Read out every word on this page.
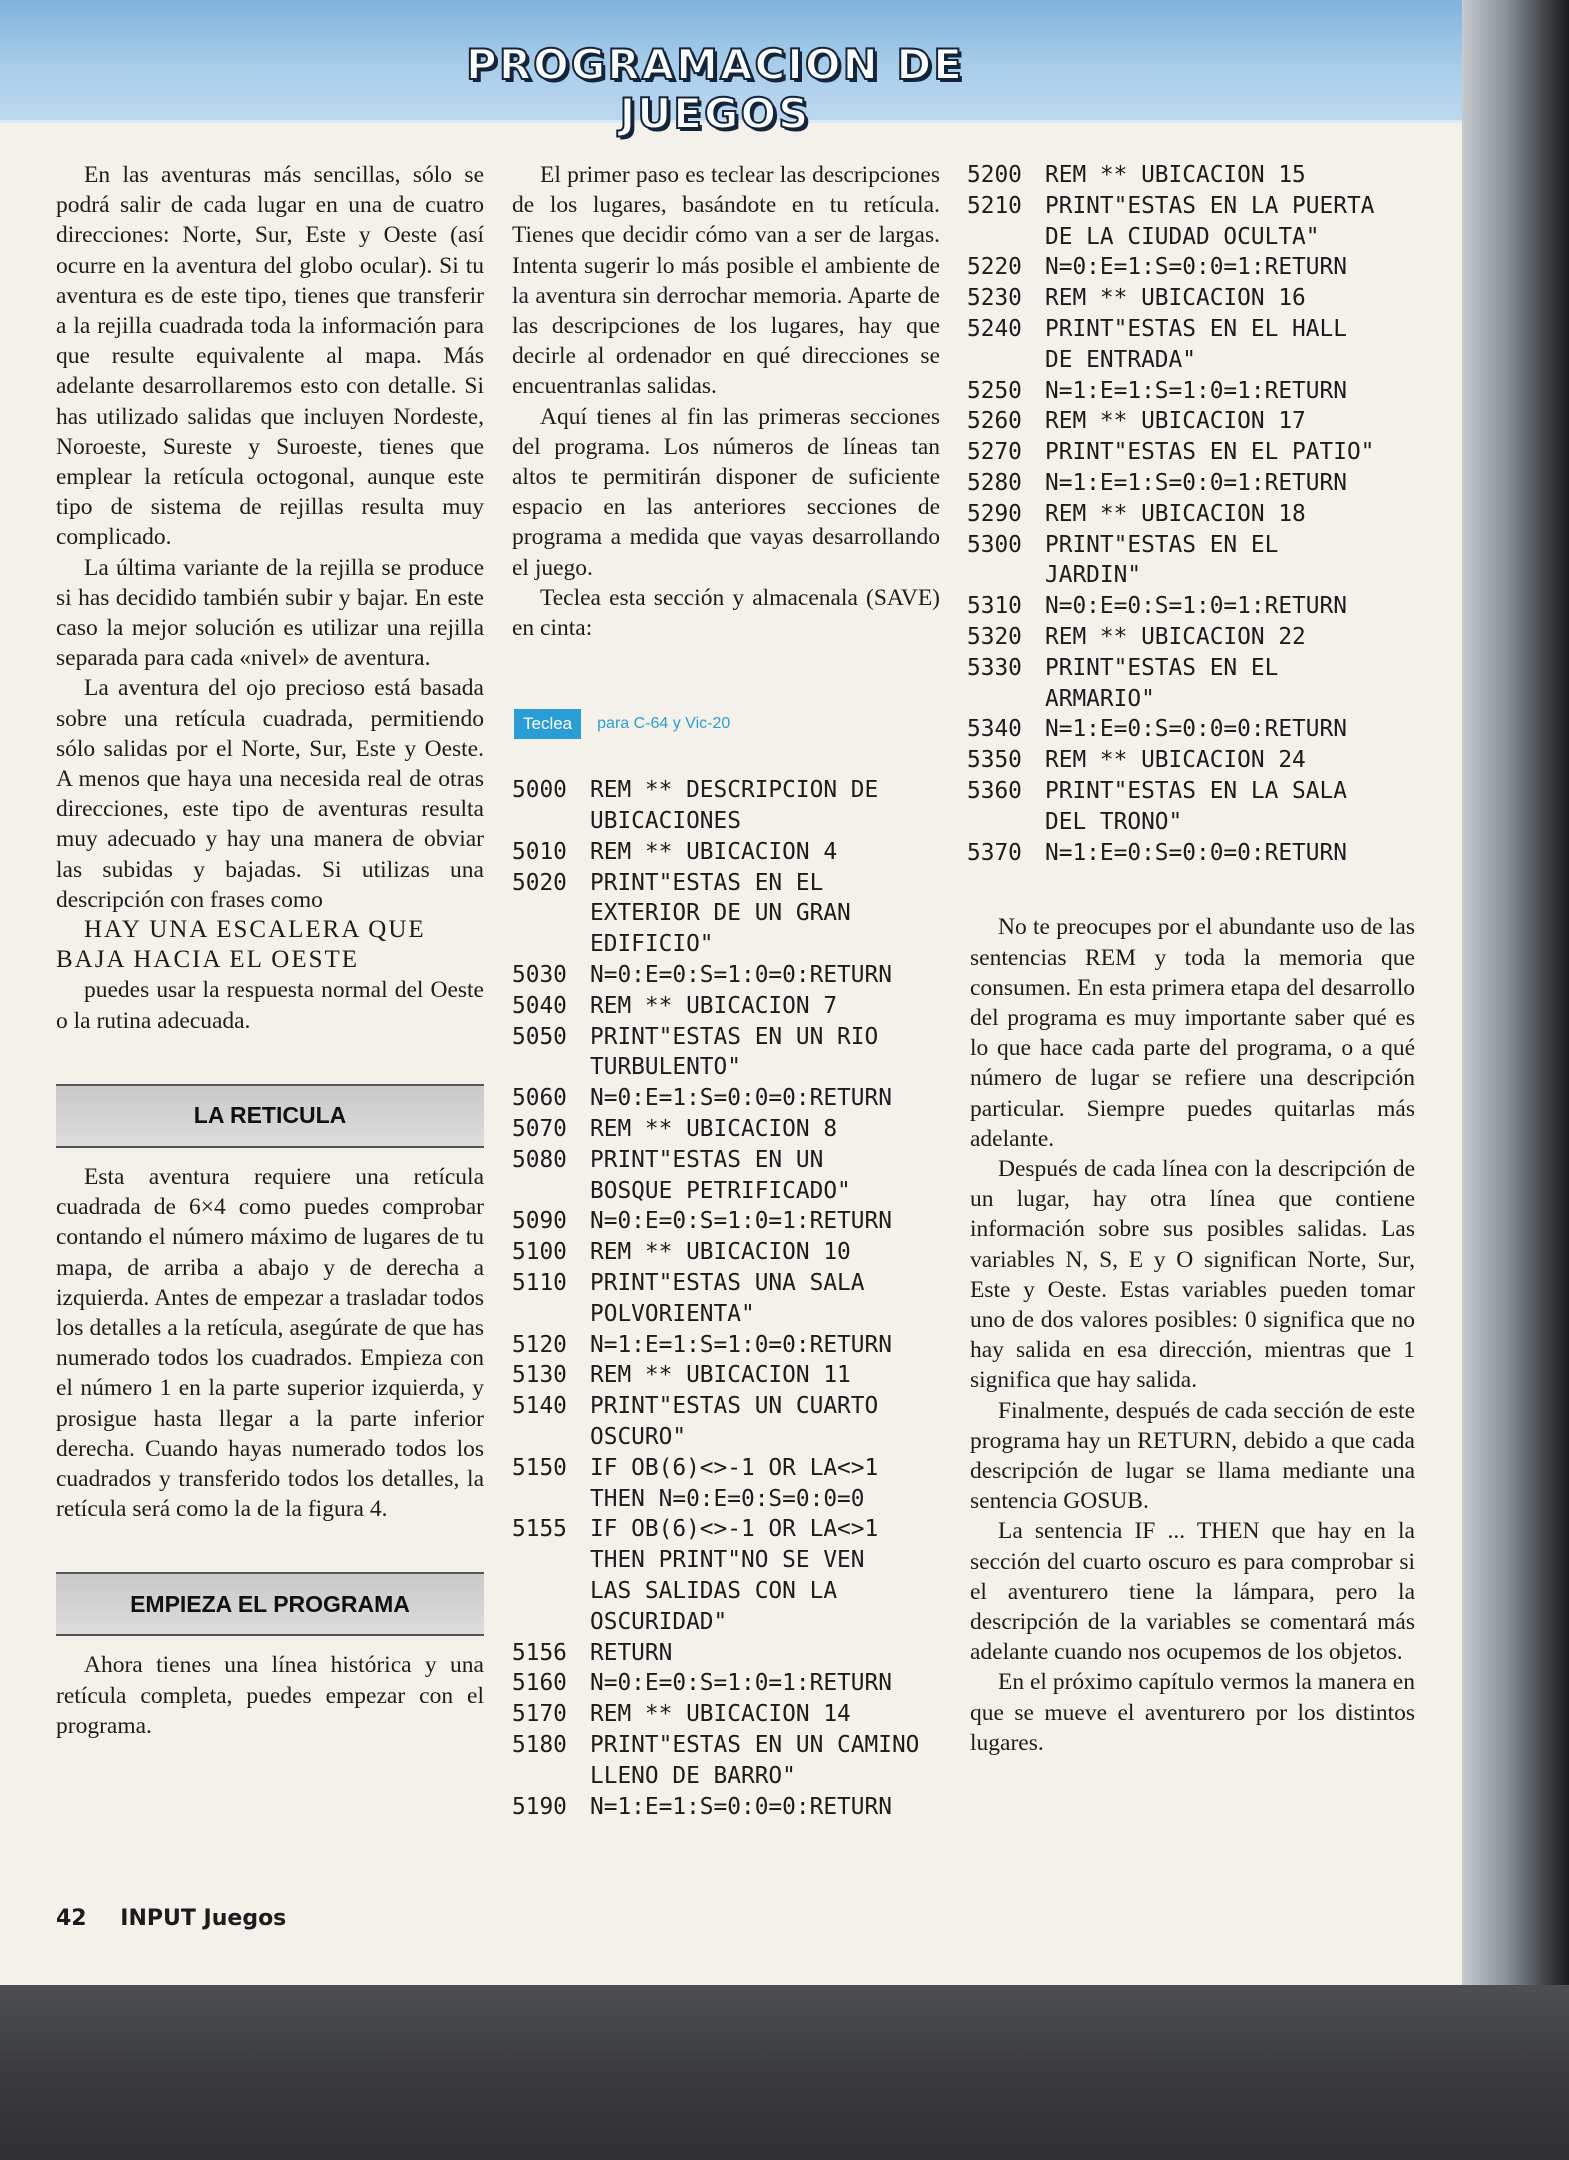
PROGRAMACION DE JUEGOS

En las aventuras más sencillas, sólo se podrá salir de cada lugar en una de cuatro direcciones: Norte, Sur, Este y Oeste (así ocurre en la aventura del globo ocular). Si tu aventura es de este tipo, tienes que transferir a la rejilla cuadrada toda la información para que resulte equivalente al mapa. Más adelante desarrollaremos esto con detalle. Si has utilizado salidas que incluyen Nordeste, Noroeste, Sureste y Suroeste, tienes que emplear la retícula octogonal, aunque este tipo de sistema de rejillas resulta muy complicado.

La última variante de la rejilla se produce si has decidido también subir y bajar. En este caso la mejor solución es utilizar una rejilla separada para cada «nivel» de aventura.

La aventura del ojo precioso está basada sobre una retícula cuadrada, permitiendo sólo salidas por el Norte, Sur, Este y Oeste. A menos que haya una necesida real de otras direcciones, este tipo de aventuras resulta muy adecuado y hay una manera de obviar las subidas y bajadas. Si utilizas una descripción con frases como

HAY UNA ESCALERA QUE BAJA HACIA EL OESTE

puedes usar la respuesta normal del Oeste o la rutina adecuada.

LA RETICULA

Esta aventura requiere una retícula cuadrada de 6×4 como puedes comprobar contando el número máximo de lugares de tu mapa, de arriba a abajo y de derecha a izquierda. Antes de empezar a trasladar todos los detalles a la retícula, asegúrate de que has numerado todos los cuadrados. Empieza con el número 1 en la parte superior izquierda, y prosigue hasta llegar a la parte inferior derecha. Cuando hayas numerado todos los cuadrados y transferido todos los detalles, la retícula será como la de la figura 4.

EMPIEZA EL PROGRAMA

Ahora tienes una línea histórica y una retícula completa, puedes empezar con el programa.

El primer paso es teclear las descripciones de los lugares, basándote en tu retícula. Tienes que decidir cómo van a ser de largas. Intenta sugerir lo más posible el ambiente de la aventura sin derrochar memoria. Aparte de las descripciones de los lugares, hay que decirle al ordenador en qué direcciones se encuentranlas salidas.

Aquí tienes al fin las primeras secciones del programa. Los números de líneas tan altos te permitirán disponer de suficiente espacio en las anteriores secciones de programa a medida que vayas desarrollando el juego.

Teclea esta sección y almacenala (SAVE) en cinta:

Teclea	para C-64 y Vic-20
5000	REM ** DESCRIPCION DE
UBICACIONES
5010	REM ** UBICACION 4
5020	PRINT"ESTAS EN EL
EXTERIOR DE UN GRAN
EDIFICIO"
5030	N=0:E=0:S=1:0=0:RETURN
5040	REM ** UBICACION 7
5050	PRINT"ESTAS EN UN RIO
TURBULENTO"
5060	N=0:E=1:S=0:0=0:RETURN
5070	REM ** UBICACION 8
5080	PRINT"ESTAS EN UN
BOSQUE PETRIFICADO"
5090	N=0:E=0:S=1:0=1:RETURN
5100	REM ** UBICACION 10
5110	PRINT"ESTAS UNA SALA
POLVORIENTA"
5120	N=1:E=1:S=1:0=0:RETURN
5130	REM ** UBICACION 11
5140	PRINT"ESTAS UN CUARTO
OSCURO"
5150	IF OB(6)<>-1 OR LA<>1
THEN N=0:E=0:S=0:0=0
5155	IF OB(6)<>-1 OR LA<>1
THEN PRINT"NO SE VEN
LAS SALIDAS CON LA
OSCURIDAD"
5156	RETURN
5160	N=0:E=0:S=1:0=1:RETURN
5170	REM ** UBICACION 14
5180	PRINT"ESTAS EN UN CAMINO
LLENO DE BARRO"
5190	N=1:E=1:S=0:0=0:RETURN
5200	REM ** UBICACION 15
5210	PRINT"ESTAS EN LA PUERTA
DE LA CIUDAD OCULTA"
5220	N=0:E=1:S=0:0=1:RETURN
5230	REM ** UBICACION 16
5240	PRINT"ESTAS EN EL HALL
DE ENTRADA"
5250	N=1:E=1:S=1:0=1:RETURN
5260	REM ** UBICACION 17
5270	PRINT"ESTAS EN EL PATIO"
5280	N=1:E=1:S=0:0=1:RETURN
5290	REM ** UBICACION 18
5300	PRINT"ESTAS EN EL
JARDIN"
5310	N=0:E=0:S=1:0=1:RETURN
5320	REM ** UBICACION 22
5330	PRINT"ESTAS EN EL
ARMARIO"
5340	N=1:E=0:S=0:0=0:RETURN
5350	REM ** UBICACION 24
5360	PRINT"ESTAS EN LA SALA
DEL TRONO"
5370	N=1:E=0:S=0:0=0:RETURN

No te preocupes por el abundante uso de las sentencias REM y toda la memoria que consumen. En esta primera etapa del desarrollo del programa es muy importante saber qué es lo que hace cada parte del programa, o a qué número de lugar se refiere una descripción particular. Siempre puedes quitarlas más adelante.

Después de cada línea con la descripción de un lugar, hay otra línea que contiene información sobre sus posibles salidas. Las variables N, S, E y O significan Norte, Sur, Este y Oeste. Estas variables pueden tomar uno de dos valores posibles: 0 significa que no hay salida en esa dirección, mientras que 1 significa que hay salida.

Finalmente, después de cada sección de este programa hay un RETURN, debido a que cada descripción de lugar se llama mediante una sentencia GOSUB.

La sentencia IF ... THEN que hay en la sección del cuarto oscuro es para comprobar si el aventurero tiene la lámpara, pero la descripción de la variables se comentará más adelante cuando nos ocupemos de los objetos.

En el próximo capítulo vermos la manera en que se mueve el aventurero por los distintos lugares.

42 INPUT Juegos
